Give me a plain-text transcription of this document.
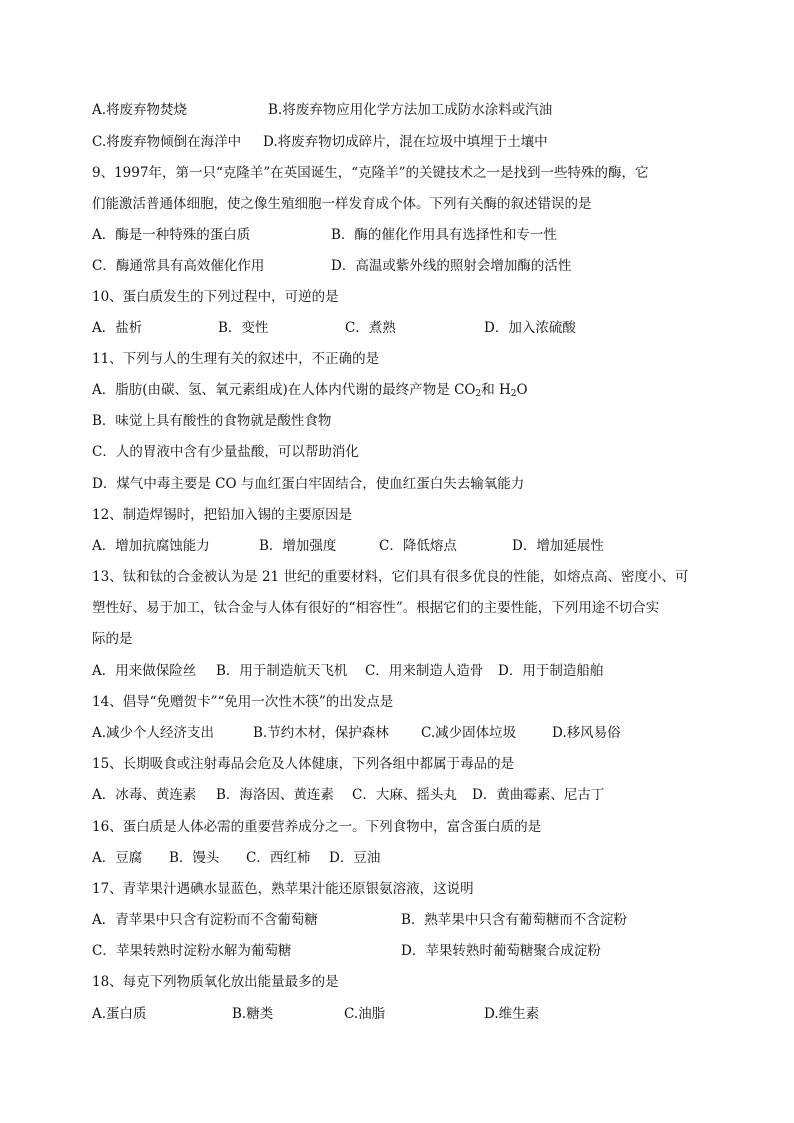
A.将废弃物焚烧	B.将废弃物应用化学方法加工成防水涂料或汽油
C.将废弃物倾倒在海洋中 D.将废弃物切成碎片，混在垃圾中填埋于土壤中
9、1997年，第一只“克隆羊”在英国诞生，“克隆羊”的关键技术之一是找到一些特殊的酶，它
们能激活普通体细胞，使之像生殖细胞一样发育成个体。下列有关酶的叙述错误的是
A．酶是一种特殊的蛋白质	B．酶的催化作用具有选择性和专一性
C．酶通常具有高效催化作用	D．高温或紫外线的照射会增加酶的活性
10、蛋白质发生的下列过程中，可逆的是
A．盐析	B．变性	C．煮熟	D．加入浓硫酸
11、下列与人的生理有关的叙述中，不正确的是
A．脂肪(由碳、氢、氧元素组成)在人体内代谢的最终产物是 $CO_2$和 $H_2O$
B．味觉上具有酸性的食物就是酸性食物
C．人的胃液中含有少量盐酸，可以帮助消化
D．煤气中毒主要是 CO 与血红蛋白牢固结合，使血红蛋白失去输氧能力
12、制造焊锡时，把铅加入锡的主要原因是
A．增加抗腐蚀能力	B．增加强度	C．降低熔点	D．增加延展性
13、钛和钛的合金被认为是 21 世纪的重要材料，它们具有很多优良的性能，如熔点高、密度小、可
塑性好、易于加工，钛合金与人体有很好的“相容性”。根据它们的主要性能，下列用途不切合实
际的是
A．用来做保险丝 B．用于制造航天飞机 C．用来制造人造骨 D．用于制造船舶
14、倡导“免赠贺卡”“免用一次性木筷”的出发点是
A.减少个人经济支出	B.节约木材，保护森林 C.减少固体垃圾	D.移风易俗
15、长期吸食或注射毒品会危及人体健康，下列各组中都属于毒品的是
A．冰毒、黄连素 B．海洛因、黄连素 C．大麻、摇头丸 D．黄曲霉素、尼古丁
16、蛋白质是人体必需的重要营养成分之一。下列食物中，富含蛋白质的是
A．豆腐 B．馒头 C．西红柿 D．豆油
17、青苹果汁遇碘水显蓝色，熟苹果汁能还原银氨溶液，这说明
A．青苹果中只含有淀粉而不含葡萄糖	B．熟苹果中只含有葡萄糖而不含淀粉
C．苹果转熟时淀粉水解为葡萄糖	D．苹果转熟时葡萄糖聚合成淀粉
18、每克下列物质氧化放出能量最多的是
A.蛋白质	B.糖类	C.油脂	D.维生素
